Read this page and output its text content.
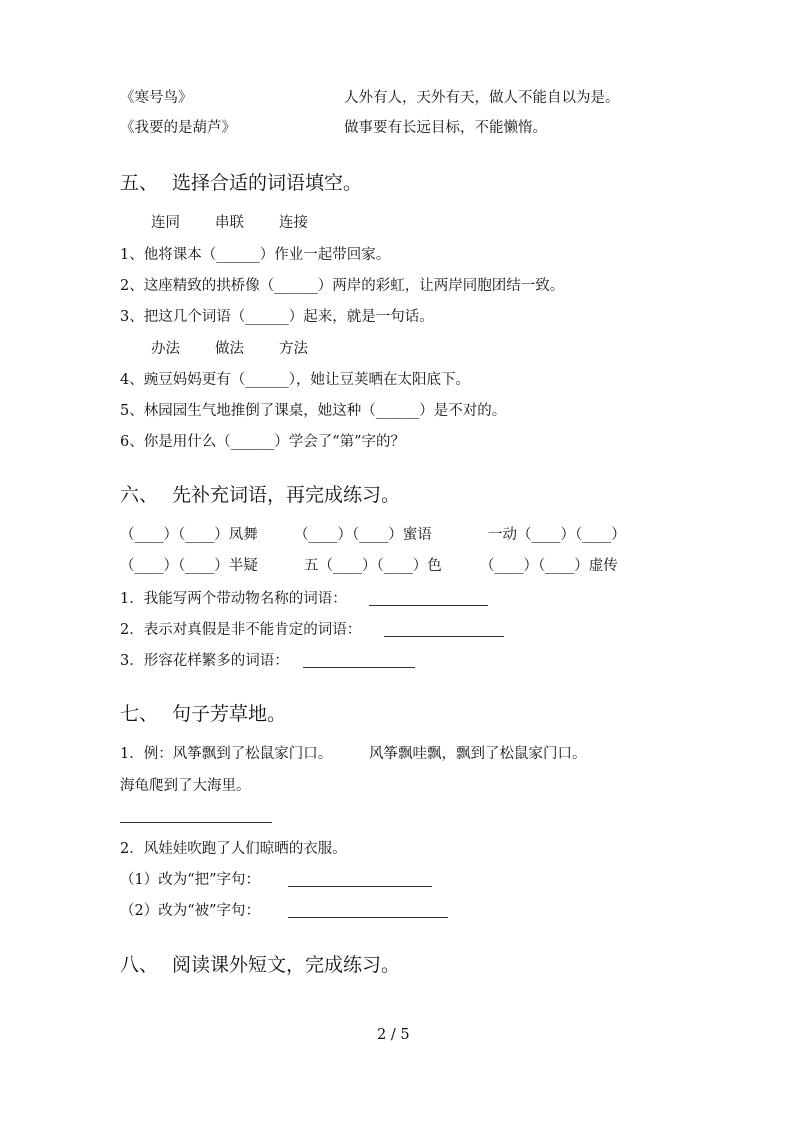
《寒号鸟》	人外有人，天外有天，做人不能自以为是。
《我要的是葫芦》	做事要有长远目标，不能懒惰。
五、 选择合适的词语填空。
连同 串联 连接
1、他将课本（______）作业一起带回家。
2、这座精致的拱桥像（______）两岸的彩虹，让两岸同胞团结一致。
3、把这几个词语（______）起来，就是一句话。
办法 做法 方法
4、豌豆妈妈更有（______），她让豆荚晒在太阳底下。
5、林园园生气地推倒了课桌，她这种（______）是不对的。
6、你是用什么（______）学会了“第”字的？
六、 先补充词语，再完成练习。
（____）（____）凤舞	（____）（____）蜜语	一动（____）（____）
（____）（____）半疑	五（____）（____）色	（____）（____）虚传
1．我能写两个带动物名称的词语：
2．表示对真假是非不能肯定的词语：
3．形容花样繁多的词语：
七、 句子芳草地。
1．例：风筝飘到了松鼠家门口。	风筝飘哇飘，飘到了松鼠家门口。
海龟爬到了大海里。
2．风娃娃吹跑了人们晾晒的衣服。
（1）改为“把”字句：
（2）改为“被”字句：
八、 阅读课外短文，完成练习。
2 / 5
